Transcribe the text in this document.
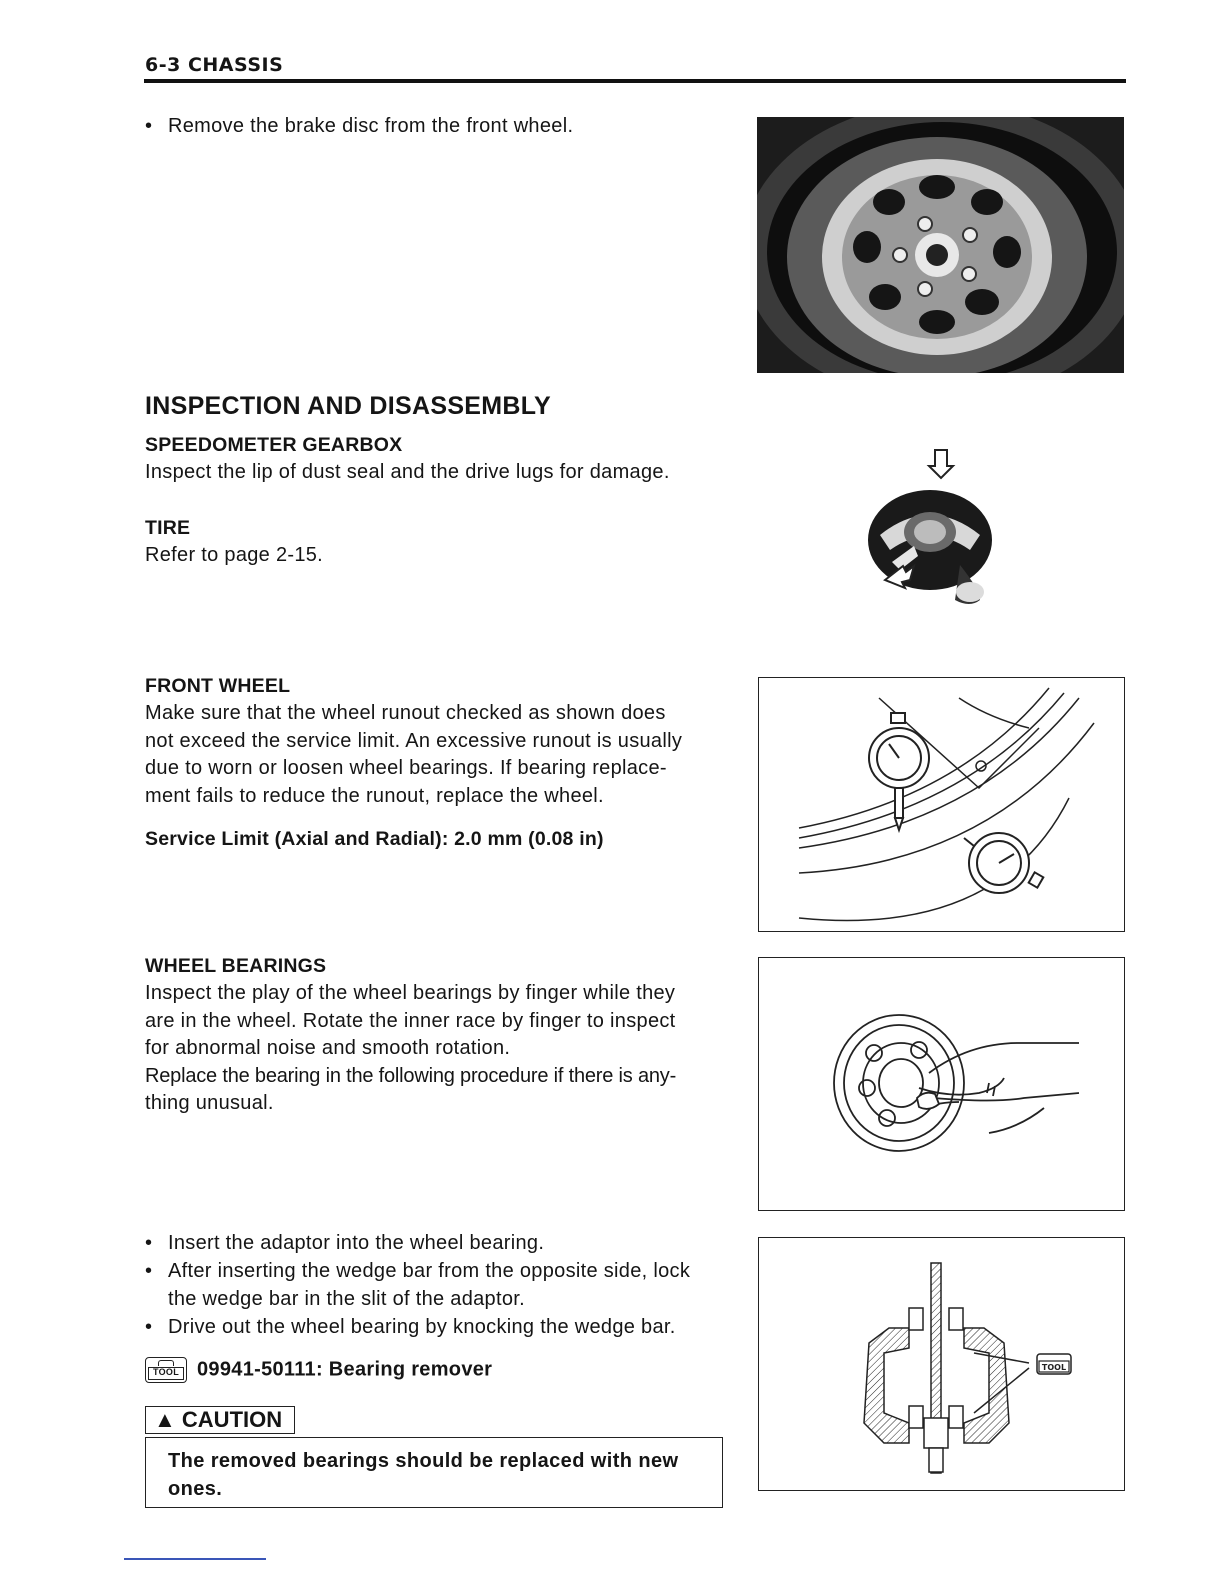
6-3 CHASSIS
• Remove the brake disc from the front wheel.
INSPECTION AND DISASSEMBLY
SPEEDOMETER GEARBOX
Inspect the lip of dust seal and the drive lugs for damage.
TIRE
Refer to page 2-15.
FRONT WHEEL
Make sure that the wheel runout checked as shown does
not exceed the service limit. An excessive runout is usually
due to worn or loosen wheel bearings. If bearing replace-
ment fails to reduce the runout, replace the wheel.
Service Limit (Axial and Radial): 2.0 mm (0.08 in)
WHEEL BEARINGS
Inspect the play of the wheel bearings by finger while they
are in the wheel. Rotate the inner race by finger to inspect
for abnormal noise and smooth rotation.
Replace the bearing in the following procedure if there is any-
thing unusual.
• Insert the adaptor into the wheel bearing.
• After inserting the wedge bar from the opposite side, lock
the wedge bar in the slit of the adaptor.
• Drive out the wheel bearing by knocking the wedge bar.
TOOL 09941-50111: Bearing remover
▲ CAUTION
The removed bearings should be replaced with new ones.
TOOL
